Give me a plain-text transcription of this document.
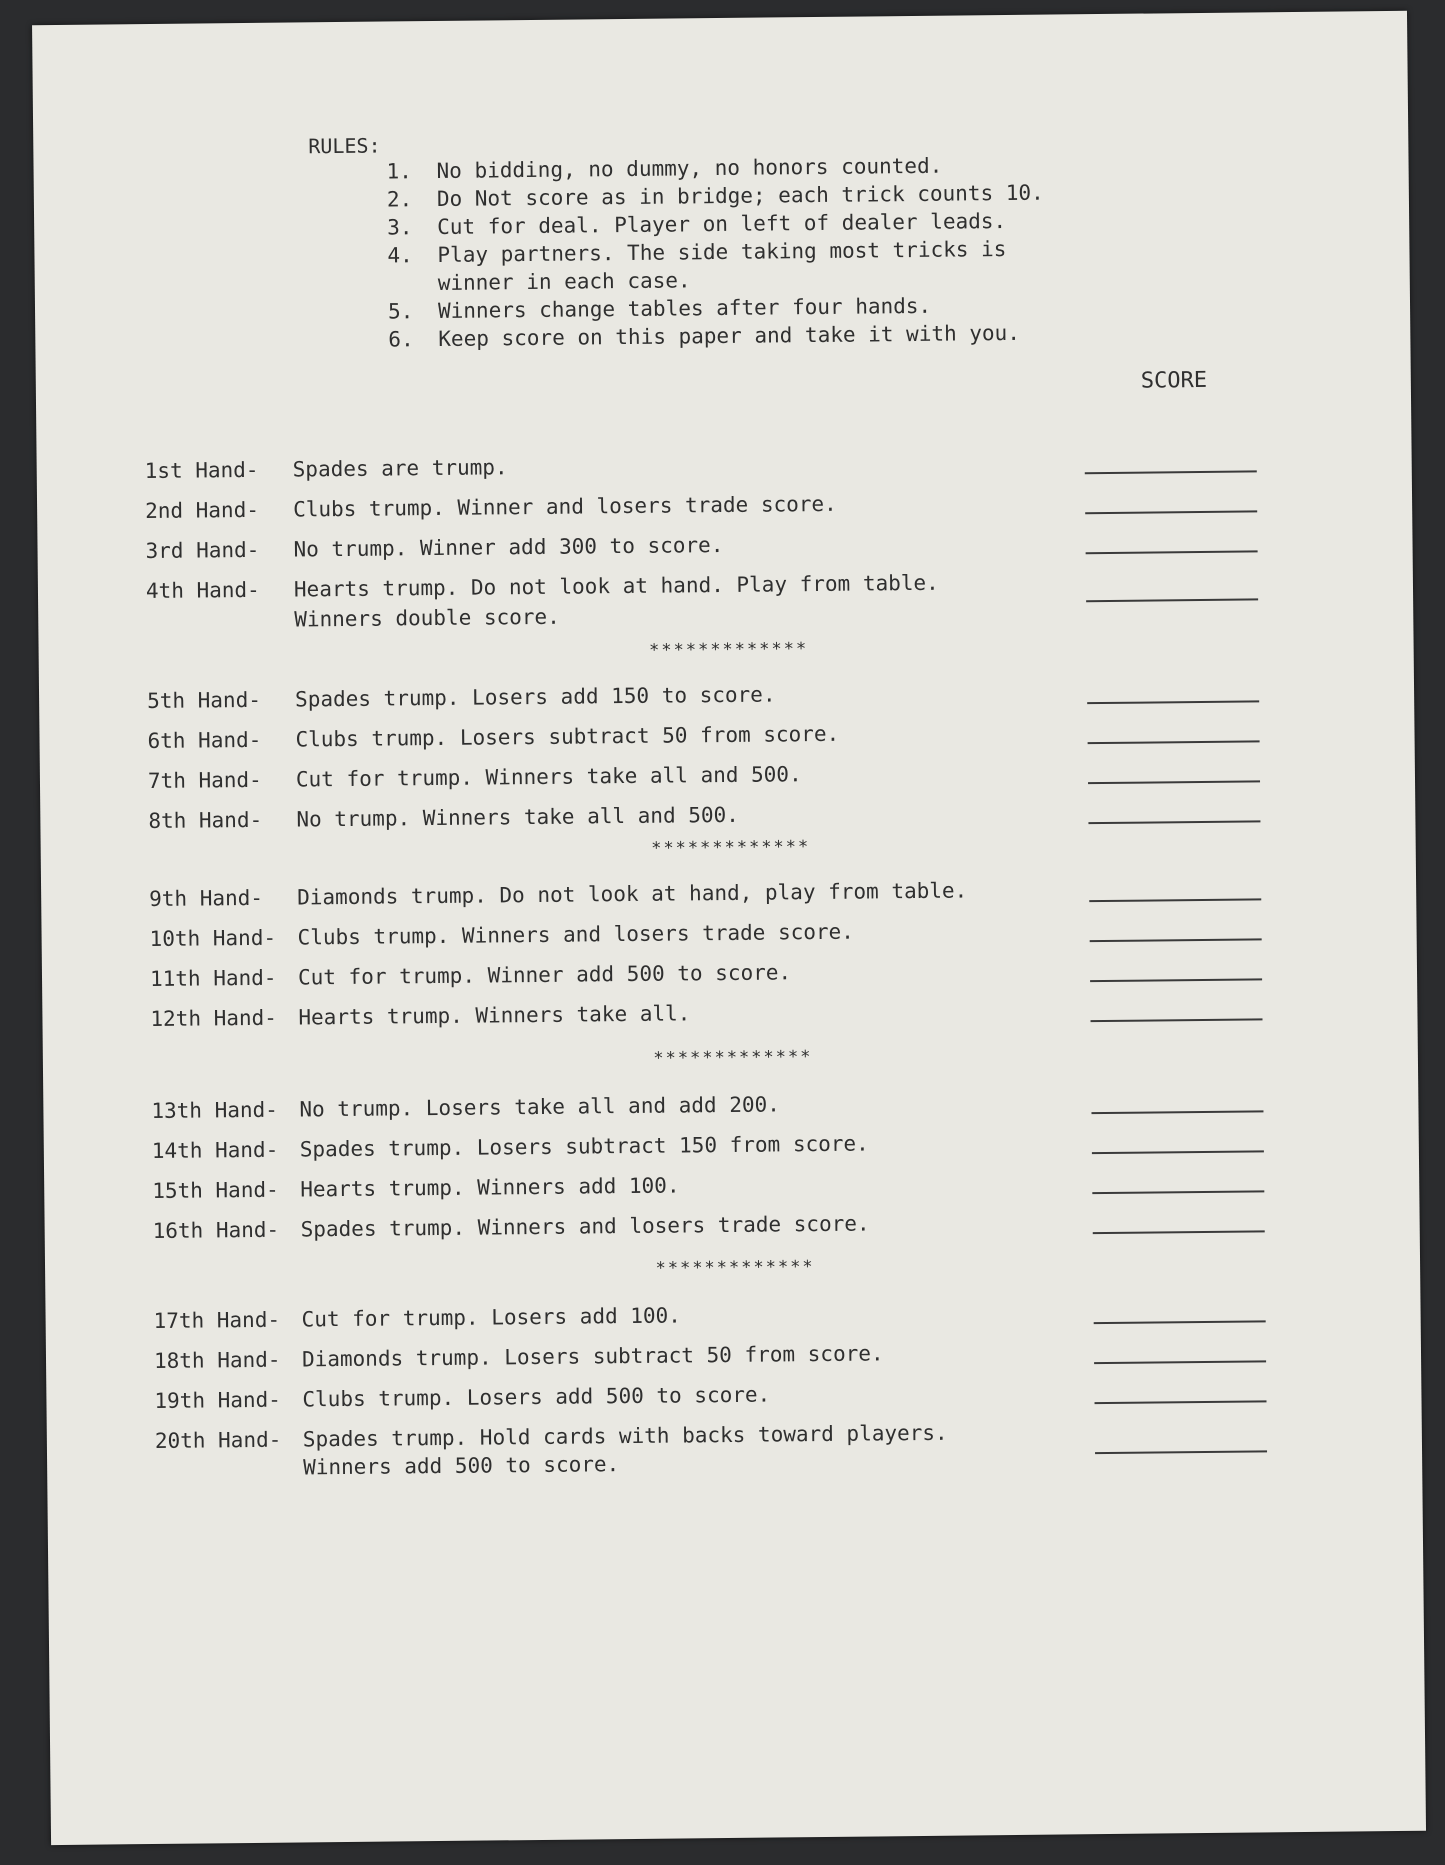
RULES:
1. No bidding, no dummy, no honors counted.
2. Do Not score as in bridge; each trick counts 10.
3. Cut for deal. Player on left of dealer leads.
4. Play partners. The side taking most tricks is
winner in each case.
5. Winners change tables after four hands.
6. Keep score on this paper and take it with you.
SCORE
1st Hand-	Spades are trump.
2nd Hand-	Clubs trump. Winner and losers trade score.
3rd Hand-	No trump. Winner add 300 to score.
4th Hand-	Hearts trump. Do not look at hand. Play from table.
Winners double score.
*************
5th Hand-	Spades trump. Losers add 150 to score.
6th Hand-	Clubs trump. Losers subtract 50 from score.
7th Hand-	Cut for trump. Winners take all and 500.
8th Hand-	No trump. Winners take all and 500.
*************
9th Hand-	Diamonds trump. Do not look at hand, play from table.
10th Hand-	Clubs trump. Winners and losers trade score.
11th Hand-	Cut for trump. Winner add 500 to score.
12th Hand-	Hearts trump. Winners take all.
*************
13th Hand-	No trump. Losers take all and add 200.
14th Hand-	Spades trump. Losers subtract 150 from score.
15th Hand-	Hearts trump. Winners add 100.
16th Hand-	Spades trump. Winners and losers trade score.
*************
17th Hand-	Cut for trump. Losers add 100.
18th Hand-	Diamonds trump. Losers subtract 50 from score.
19th Hand-	Clubs trump. Losers add 500 to score.
20th Hand-	Spades trump. Hold cards with backs toward players.
Winners add 500 to score.
